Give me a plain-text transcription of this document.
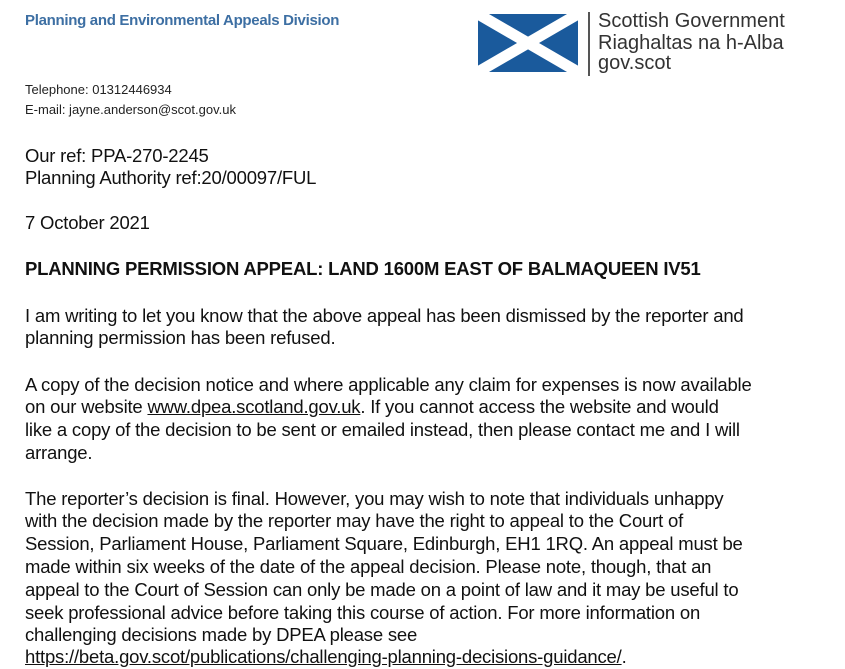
Planning and Environmental Appeals Division	Scottish Government
Riaghaltas na h-Alba
gov.scot
Telephone: 01312446934
E-mail: jayne.anderson@scot.gov.uk
Our ref: PPA-270-2245
Planning Authority ref:20/00097/FUL
7 October 2021
PLANNING PERMISSION APPEAL: LAND 1600M EAST OF BALMAQUEEN IV51
I am writing to let you know that the above appeal has been dismissed by the reporter and
planning permission has been refused.
A copy of the decision notice and where applicable any claim for expenses is now available
on our website www.dpea.scotland.gov.uk. If you cannot access the website and would
like a copy of the decision to be sent or emailed instead, then please contact me and I will
arrange.
The reporter’s decision is final. However, you may wish to note that individuals unhappy
with the decision made by the reporter may have the right to appeal to the Court of
Session, Parliament House, Parliament Square, Edinburgh, EH1 1RQ. An appeal must be
made within six weeks of the date of the appeal decision. Please note, though, that an
appeal to the Court of Session can only be made on a point of law and it may be useful to
seek professional advice before taking this course of action. For more information on
challenging decisions made by DPEA please see
https://beta.gov.scot/publications/challenging-planning-decisions-guidance/.
